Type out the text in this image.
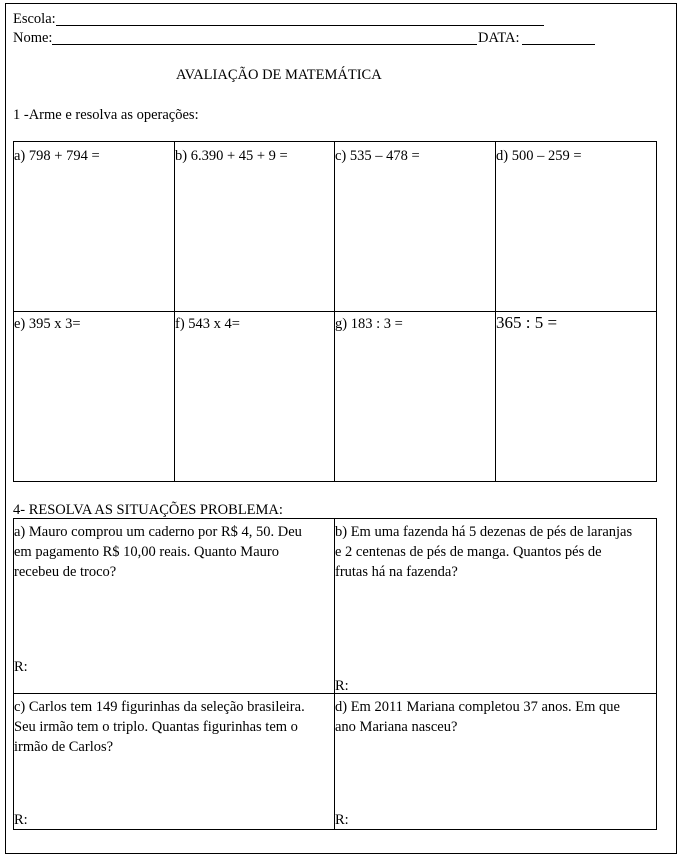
Escola:
Nome:	DATA:
AVALIAÇÃO DE MATEMÁTICA
1 -Arme e resolva as operações:
a) 798 + 794 =	b) 6.390 + 45 + 9 =	c) 535 – 478 =	d) 500 – 259 =
e) 395 x 3=	f) 543 x 4=	g) 183 : 3 =	365 : 5 =
4- RESOLVA AS SITUAÇÕES PROBLEMA:
a) Mauro comprou um caderno por R$ 4, 50. Deu
em pagamento R$ 10,00 reais. Quanto Mauro
recebeu de troco?
R:
b) Em uma fazenda há 5 dezenas de pés de laranjas
e 2 centenas de pés de manga. Quantos pés de
frutas há na fazenda?
R:
c) Carlos tem 149 figurinhas da seleção brasileira.
Seu irmão tem o triplo. Quantas figurinhas tem o
irmão de Carlos?
R:
d) Em 2011 Mariana completou 37 anos. Em que
ano Mariana nasceu?
R:
